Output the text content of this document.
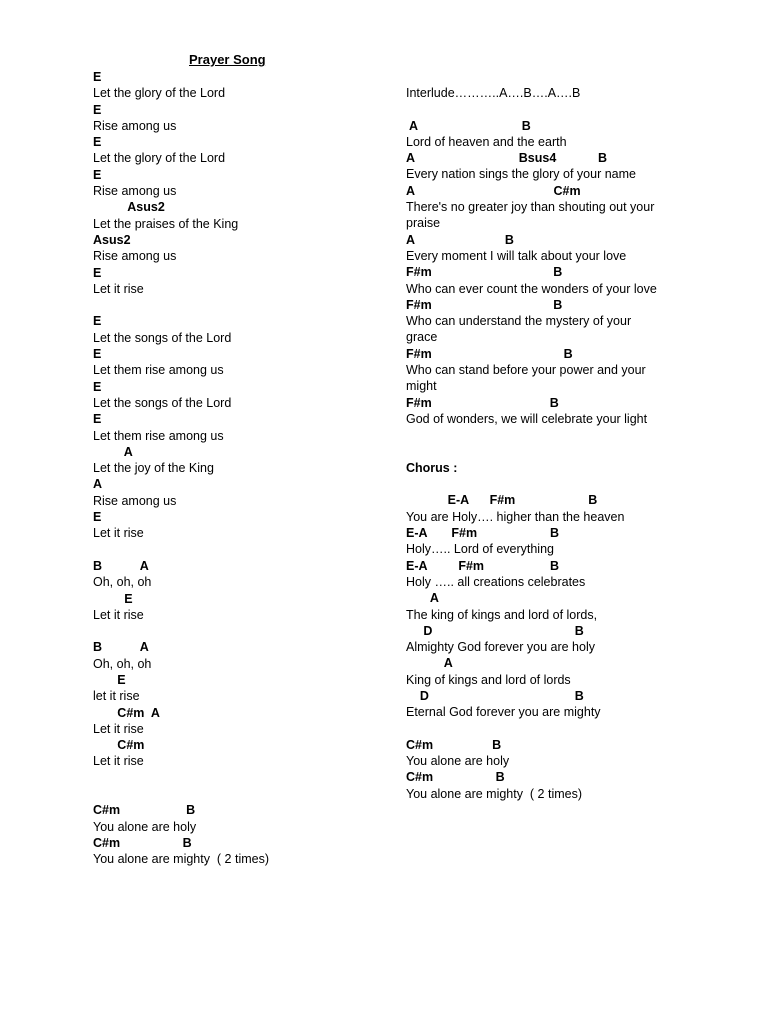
Prayer Song
E
Let the glory of the Lord
E
Rise among us
E
Let the glory of the Lord
E
Rise among us
Asus2
Let the praises of the King
Asus2
Rise among us
E
Let it rise
E
Let the songs of the Lord
E
Let them rise among us
E
Let the songs of the Lord
E
Let them rise among us
A
Let the joy of the King
A
Rise among us
E
Let it rise
B           A
Oh, oh, oh
E
Let it rise
B           A
Oh, oh, oh
E
let it rise
C#m  A
Let it rise
C#m
Let it rise
C#m                   B
You alone are holy
C#m                  B
You alone are mighty  ( 2 times)
Interlude………..A….B….A….B
A                              B
Lord of heaven and the earth
A                              Bsus4            B
Every nation sings the glory of your name
A                                        C#m
There's no greater joy than shouting out your
praise
A                          B
Every moment I will talk about your love
F#m                                   B
Who can ever count the wonders of your love
F#m                                   B
Who can understand the mystery of your
grace
F#m                                      B
Who can stand before your power and your
might
F#m                                  B
God of wonders, we will celebrate your light
Chorus :
E-A      F#m                     B
You are Holy…. higher than the heaven
E-A       F#m                     B
Holy….. Lord of everything
E-A         F#m                   B
Holy ….. all creations celebrates
A
The king of kings and lord of lords,
D                                         B
Almighty God forever you are holy
A
King of kings and lord of lords
D                                          B
Eternal God forever you are mighty
C#m                 B
You alone are holy
C#m                  B
You alone are mighty  ( 2 times)
